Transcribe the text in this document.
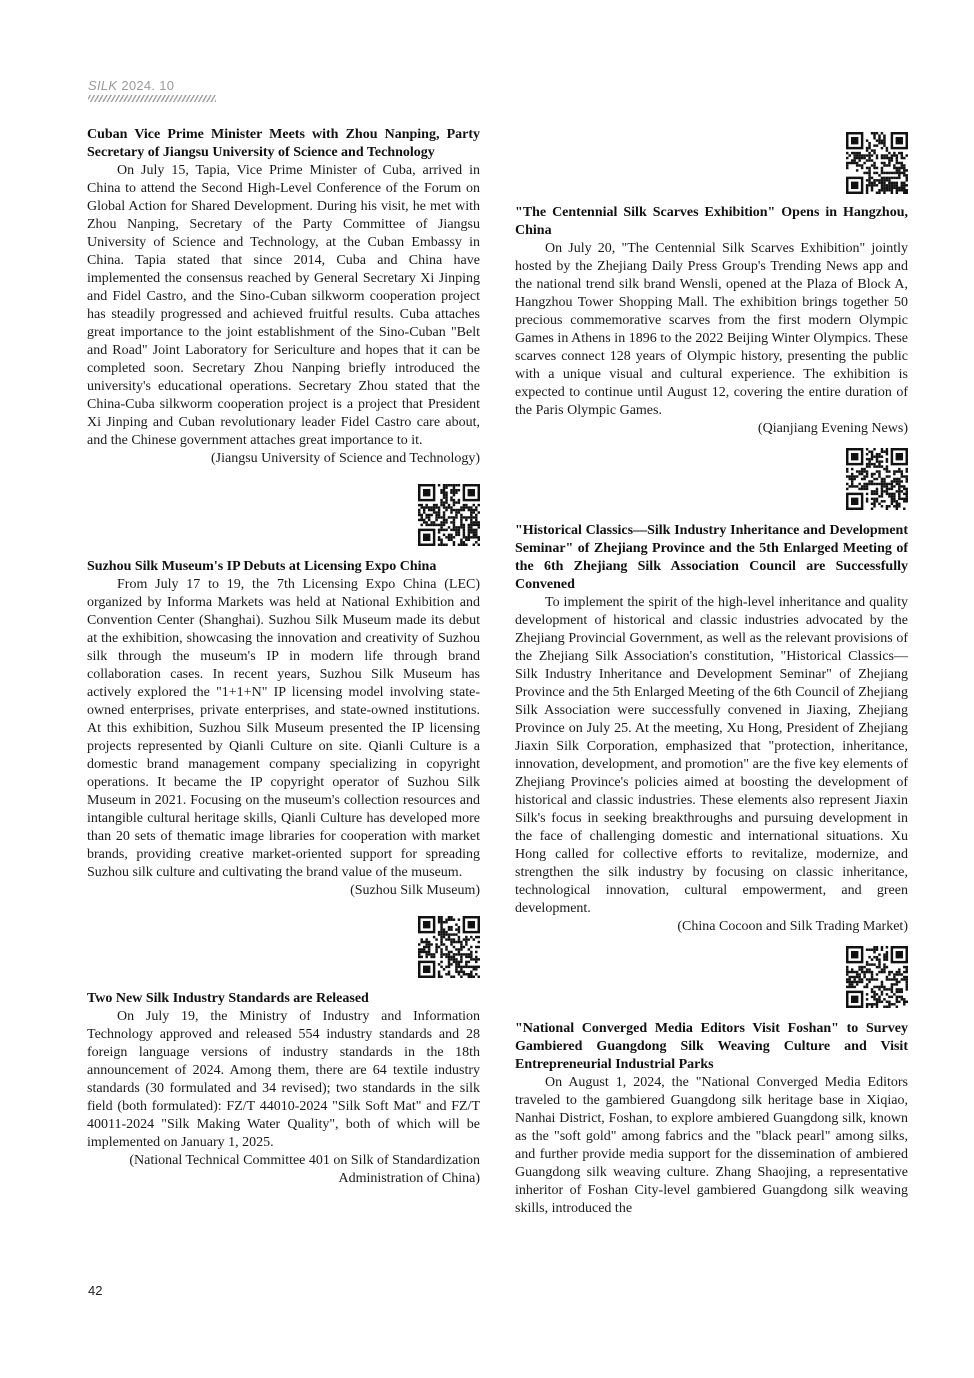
SILK 2024. 10
Cuban Vice Prime Minister Meets with Zhou Nanping, Party Secretary of Jiangsu University of Science and Technology

On July 15, Tapia, Vice Prime Minister of Cuba, arrived in China to attend the Second High-Level Conference of the Forum on Global Action for Shared Development. During his visit, he met with Zhou Nanping, Secretary of the Party Committee of Jiangsu University of Science and Technology, at the Cuban Embassy in China. Tapia stated that since 2014, Cuba and China have implemented the consensus reached by General Secretary Xi Jinping and Fidel Castro, and the Sino-Cuban silkworm cooperation project has steadily progressed and achieved fruitful results. Cuba attaches great importance to the joint establishment of the Sino-Cuban "Belt and Road" Joint Laboratory for Sericulture and hopes that it can be completed soon. Secretary Zhou Nanping briefly introduced the university's educational operations. Secretary Zhou stated that the China-Cuba silkworm cooperation project is a project that President Xi Jinping and Cuban revolutionary leader Fidel Castro care about, and the Chinese government attaches great importance to it.

(Jiangsu University of Science and Technology)
Suzhou Silk Museum's IP Debuts at Licensing Expo China

From July 17 to 19, the 7th Licensing Expo China (LEC) organized by Informa Markets was held at National Exhibition and Convention Center (Shanghai). Suzhou Silk Museum made its debut at the exhibition, showcasing the innovation and creativity of Suzhou silk through the museum's IP in modern life through brand collaboration cases. In recent years, Suzhou Silk Museum has actively explored the "1+1+N" IP licensing model involving state-owned enterprises, private enterprises, and state-owned institutions. At this exhibition, Suzhou Silk Museum presented the IP licensing projects represented by Qianli Culture on site. Qianli Culture is a domestic brand management company specializing in copyright operations. It became the IP copyright operator of Suzhou Silk Museum in 2021. Focusing on the museum's collection resources and intangible cultural heritage skills, Qianli Culture has developed more than 20 sets of thematic image libraries for cooperation with market brands, providing creative market-oriented support for spreading Suzhou silk culture and cultivating the brand value of the museum.

(Suzhou Silk Museum)
Two New Silk Industry Standards are Released

On July 19, the Ministry of Industry and Information Technology approved and released 554 industry standards and 28 foreign language versions of industry standards in the 18th announcement of 2024. Among them, there are 64 textile industry standards (30 formulated and 34 revised); two standards in the silk field (both formulated): FZ/T 44010-2024 "Silk Soft Mat" and FZ/T 40011-2024 "Silk Making Water Quality", both of which will be implemented on January 1, 2025.

(National Technical Committee 401 on Silk of Standardization Administration of China)
"The Centennial Silk Scarves Exhibition" Opens in Hangzhou, China

On July 20, "The Centennial Silk Scarves Exhibition" jointly hosted by the Zhejiang Daily Press Group's Trending News app and the national trend silk brand Wensli, opened at the Plaza of Block A, Hangzhou Tower Shopping Mall. The exhibition brings together 50 precious commemorative scarves from the first modern Olympic Games in Athens in 1896 to the 2022 Beijing Winter Olympics. These scarves connect 128 years of Olympic history, presenting the public with a unique visual and cultural experience. The exhibition is expected to continue until August 12, covering the entire duration of the Paris Olympic Games.

(Qianjiang Evening News)
"Historical Classics—Silk Industry Inheritance and Development Seminar" of Zhejiang Province and the 5th Enlarged Meeting of the 6th Zhejiang Silk Association Council are Successfully Convened

To implement the spirit of the high-level inheritance and quality development of historical and classic industries advocated by the Zhejiang Provincial Government, as well as the relevant provisions of the Zhejiang Silk Association's constitution, "Historical Classics—Silk Industry Inheritance and Development Seminar" of Zhejiang Province and the 5th Enlarged Meeting of the 6th Council of Zhejiang Silk Association were successfully convened in Jiaxing, Zhejiang Province on July 25. At the meeting, Xu Hong, President of Zhejiang Jiaxin Silk Corporation, emphasized that "protection, inheritance, innovation, development, and promotion" are the five key elements of Zhejiang Province's policies aimed at boosting the development of historical and classic industries. These elements also represent Jiaxin Silk's focus in seeking breakthroughs and pursuing development in the face of challenging domestic and international situations. Xu Hong called for collective efforts to revitalize, modernize, and strengthen the silk industry by focusing on classic inheritance, technological innovation, cultural empowerment, and green development.

(China Cocoon and Silk Trading Market)
"National Converged Media Editors Visit Foshan" to Survey Gambiered Guangdong Silk Weaving Culture and Visit Entrepreneurial Industrial Parks

On August 1, 2024, the "National Converged Media Editors traveled to the gambiered Guangdong silk heritage base in Xiqiao, Nanhai District, Foshan, to explore ambiered Guangdong silk, known as the "soft gold" among fabrics and the "black pearl" among silks, and further provide media support for the dissemination of ambiered Guangdong silk weaving culture. Zhang Shaojing, a representative inheritor of Foshan City-level gambiered Guangdong silk weaving skills, introduced the

42
